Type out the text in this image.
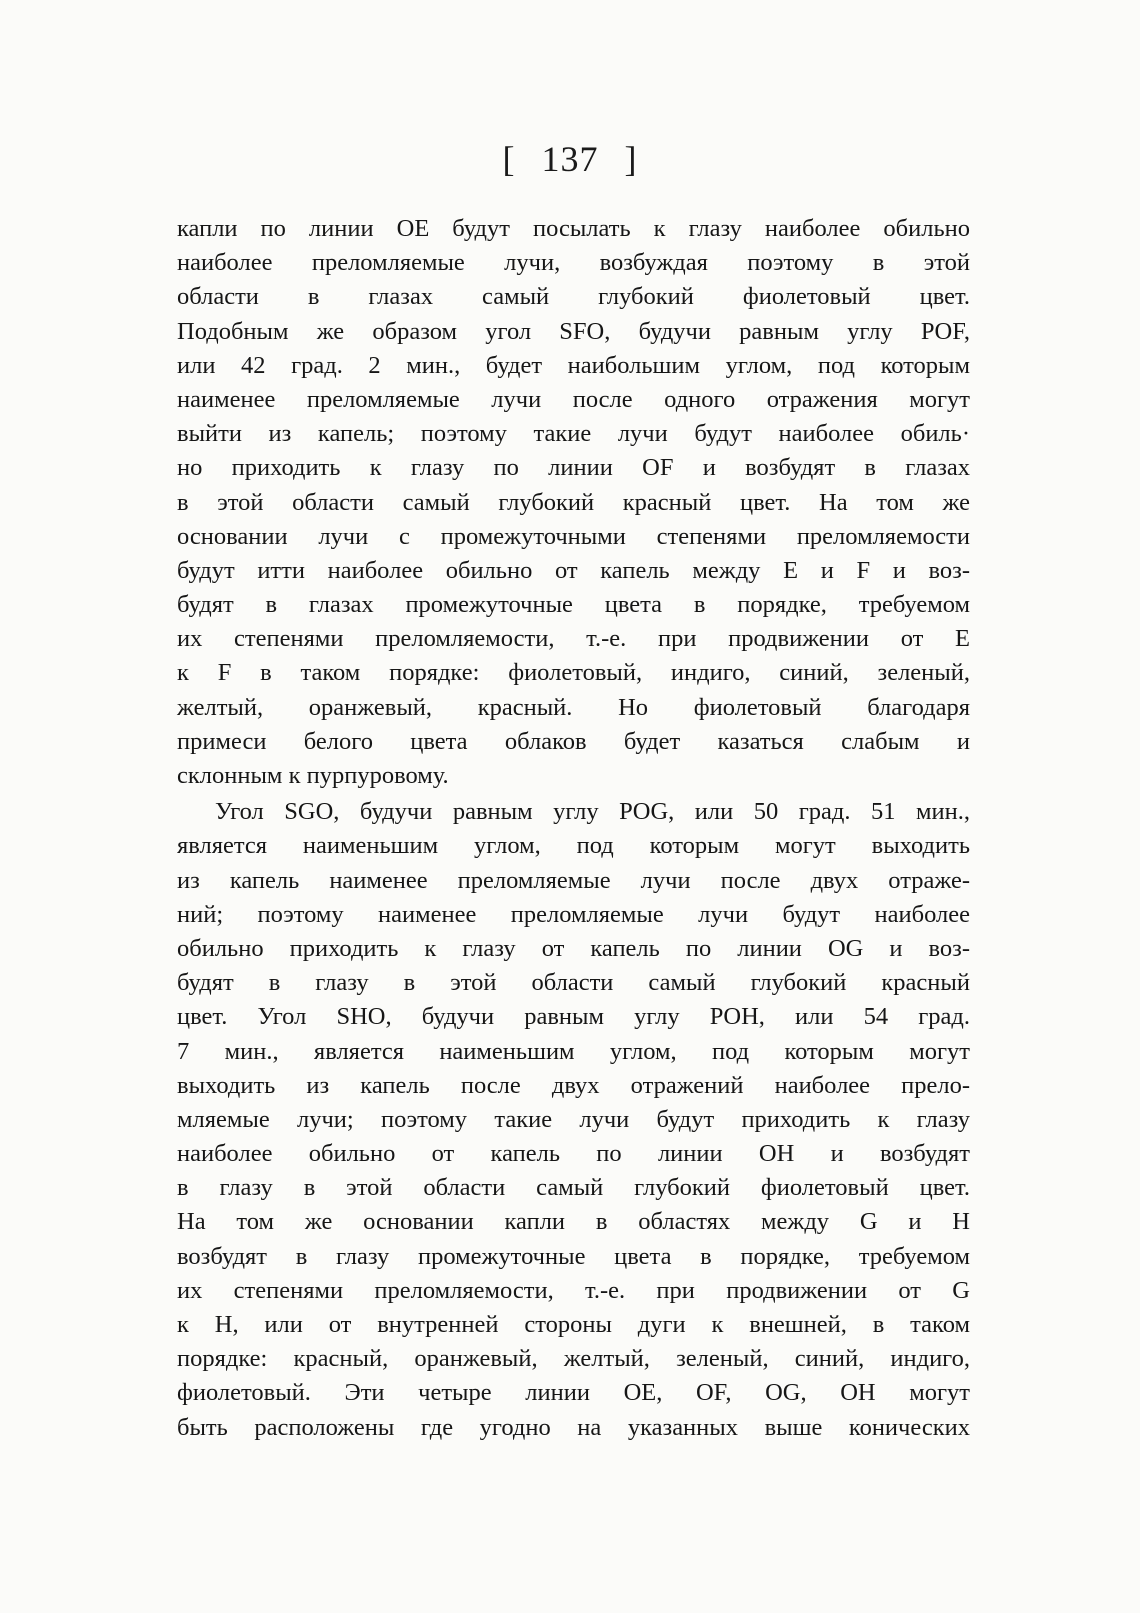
[ 137 ]
капли по линии OE будут посылать к глазу наиболее обильно
наиболее преломляемые лучи, возбуждая поэтому в этой
области в глазах самый глубокий фиолетовый цвет.
Подобным же образом угол SFO, будучи равным углу POF,
или 42 град. 2 мин., будет наибольшим углом, под которым
наименее преломляемые лучи после одного отражения могут
выйти из капель; поэтому такие лучи будут наиболее обиль·
но приходить к глазу по линии OF и возбудят в глазах
в этой области самый глубокий красный цвет. На том же
основании лучи с промежуточными степенями преломляемости
будут итти наиболее обильно от капель между E и F и воз-
будят в глазах промежуточные цвета в порядке, требуемом
их степенями преломляемости, т.-е. при продвижении от E
к F в таком порядке: фиолетовый, индиго, синий, зеленый,
желтый, оранжевый, красный. Но фиолетовый благодаря
примеси белого цвета облаков будет казаться слабым и
склонным к пурпуровому.
Угол SGO, будучи равным углу POG, или 50 град. 51 мин.,
является наименьшим углом, под которым могут выходить
из капель наименее преломляемые лучи после двух отраже-
ний; поэтому наименее преломляемые лучи будут наиболее
обильно приходить к глазу от капель по линии OG и воз-
будят в глазу в этой области самый глубокий красный
цвет. Угол SHO, будучи равным углу POH, или 54 град.
7 мин., является наименьшим углом, под которым могут
выходить из капель после двух отражений наиболее прело-
мляемые лучи; поэтому такие лучи будут приходить к глазу
наиболее обильно от капель по линии OH и возбудят
в глазу в этой области самый глубокий фиолетовый цвет.
На том же основании капли в областях между G и H
возбудят в глазу промежуточные цвета в порядке, требуемом
их степенями преломляемости, т.-е. при продвижении от G
к H, или от внутренней стороны дуги к внешней, в таком
порядке: красный, оранжевый, желтый, зеленый, синий, индиго,
фиолетовый. Эти четыре линии OE, OF, OG, OH могут
быть расположены где угодно на указанных выше конических
